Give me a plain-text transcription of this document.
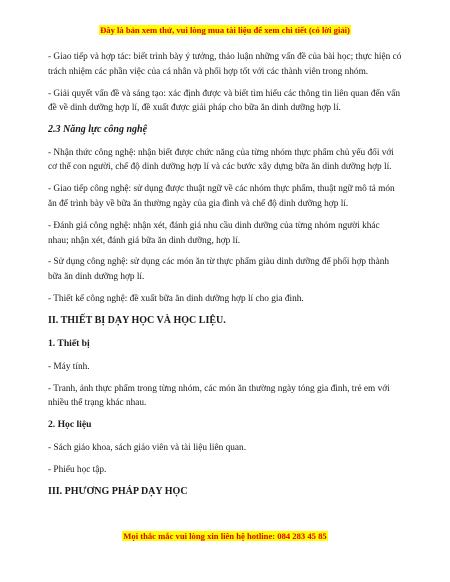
Đây là bản xem thử, vui lòng mua tài liệu để xem chi tiết (có lời giải)

- Giao tiếp và hợp tác: biết trình bày ý tưởng, thảo luận những vấn đề của bài học; thực hiện có trách nhiệm các phần việc của cá nhân và phối hợp tốt với các thành viên trong nhóm.

- Giải quyết vấn đề và sáng tạo: xác định được và biết tìm hiểu các thông tin liên quan đến vấn đề về dinh dưỡng hợp lí, đề xuất được giải pháp cho bữa ăn dinh dưỡng hợp lí.

2.3 Năng lực công nghệ

- Nhận thức công nghệ: nhận biết được chức năng của từng nhóm thực phẩm chủ yếu đối với cơ thể con người, chế độ dinh dưỡng hợp lí và các bước xây dựng bữa ăn dinh dưỡng hợp lí.

- Giao tiếp công nghệ: sử dụng được thuật ngữ về các nhóm thực phẩm, thuật ngữ mô tả món ăn để trình bày về bữa ăn thường ngày của gia đình và chế độ dinh dưỡng hợp lí.

- Đánh giá công nghệ: nhận xét, đánh giá nhu cầu dinh dưỡng của từng nhóm người khác nhau; nhận xét, đánh giá bữa ăn dinh dưỡng, hợp lí.

- Sử dụng công nghệ: sử dụng các món ăn từ thực phẩm giàu dinh dưỡng để phối hợp thành bữa ăn dinh dưỡng hợp lí.

- Thiết kế công nghệ: đề xuất bữa ăn dinh dưỡng hợp lí cho gia đình.

II. THIẾT BỊ DẠY HỌC VÀ HỌC LIỆU.

1. Thiết bị

- Máy tính.

- Tranh, ảnh thực phẩm trong từng nhóm, các món ăn thường ngày tóng gia đình, trẻ em với nhiều thể trạng khác nhau.

2. Học liệu

- Sách giáo khoa, sách giáo viên và tài liệu liên quan.

- Phiếu học tập.

III. PHƯƠNG PHÁP DẠY HỌC

Mọi thắc mắc vui lòng xin liên hệ hotline: 084 283 45 85
